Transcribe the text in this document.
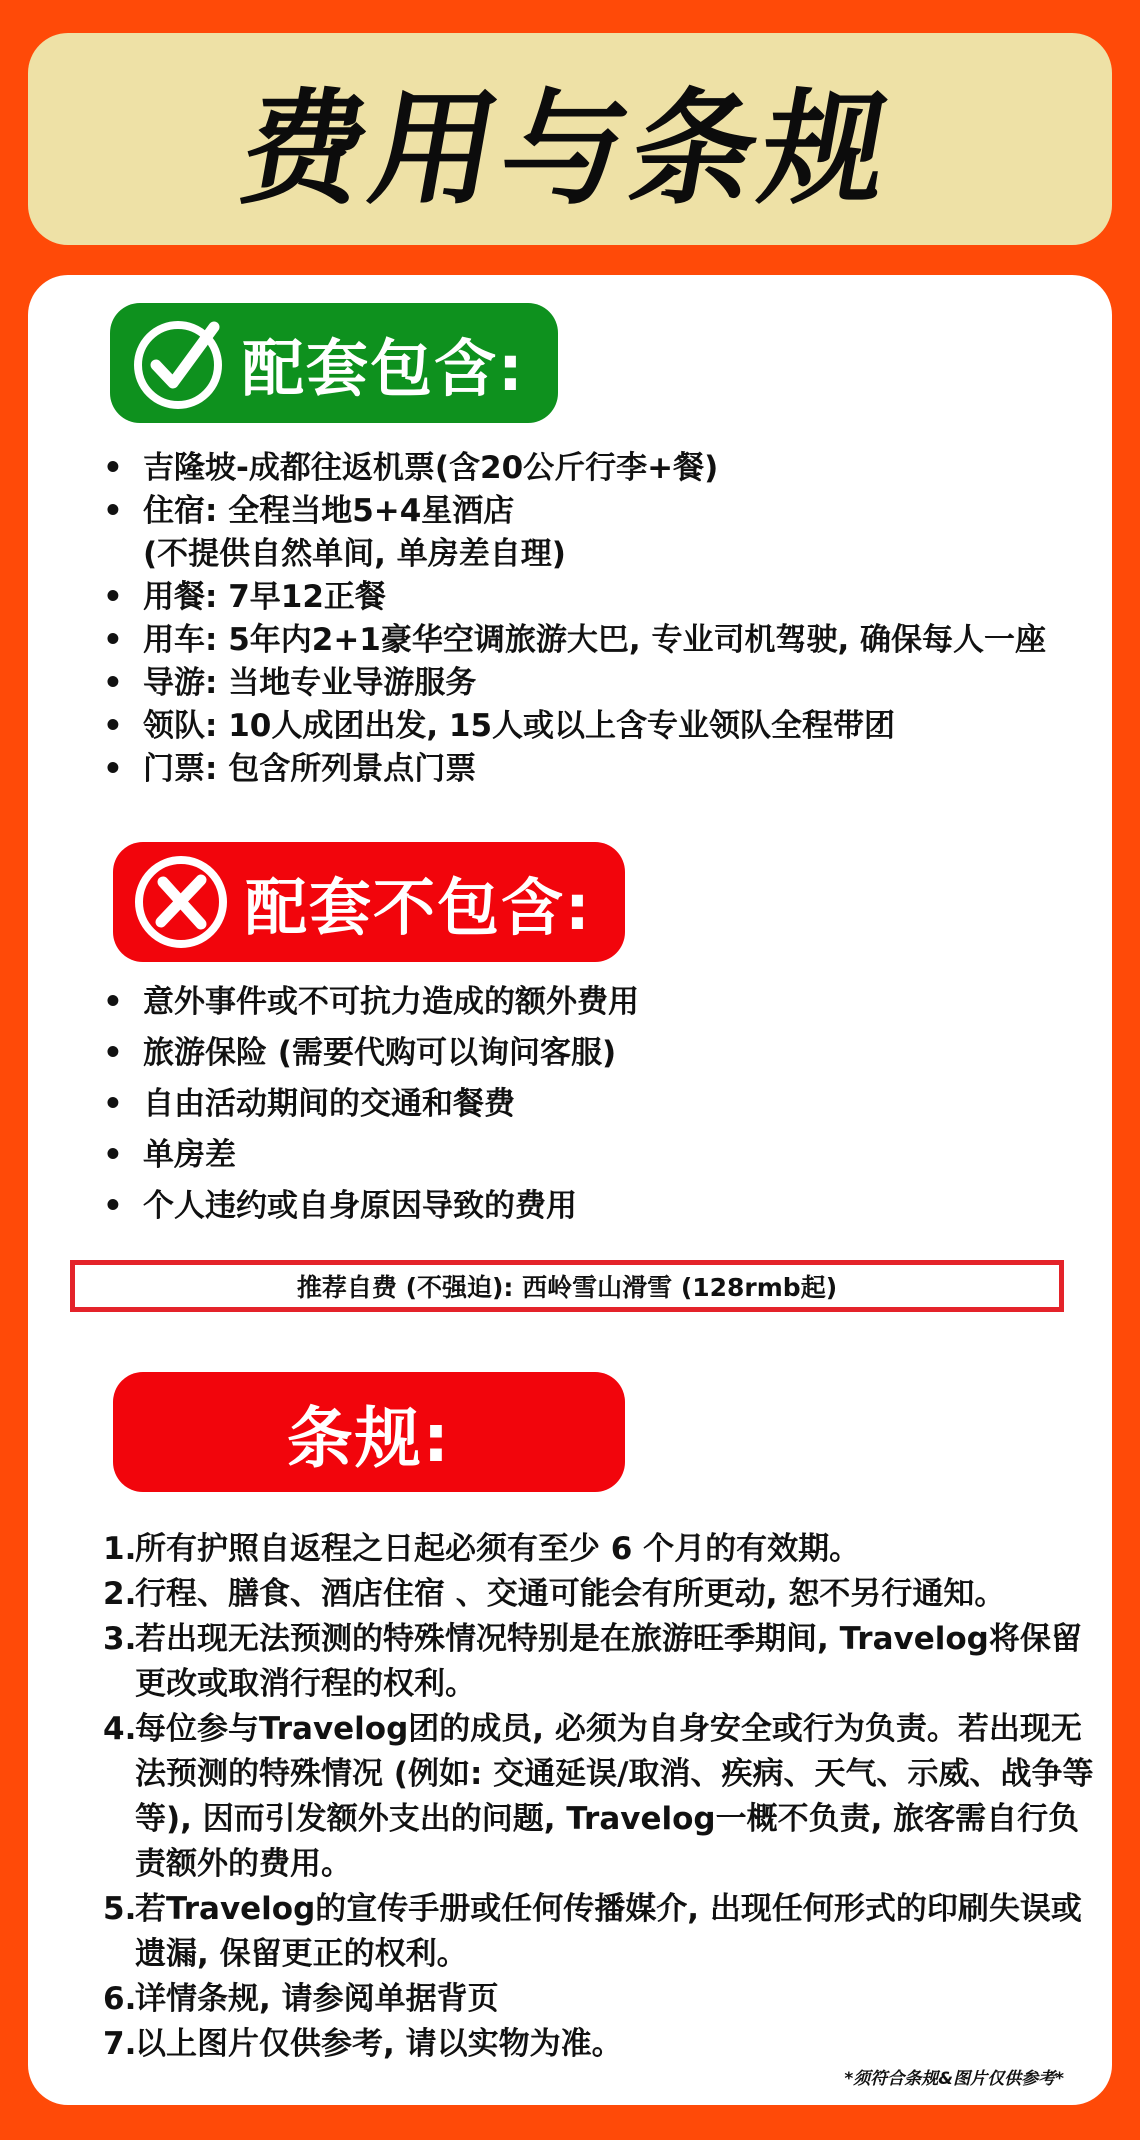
费用与条规
配套包含:
• 吉隆坡-成都往返机票(含20公斤行李+餐)
• 住宿: 全程当地5+4星酒店
(不提供自然单间, 单房差自理)
• 用餐: 7早12正餐
• 用车: 5年内2+1豪华空调旅游大巴, 专业司机驾驶, 确保每人一座
• 导游: 当地专业导游服务
• 领队: 10人成团出发, 15人或以上含专业领队全程带团
• 门票: 包含所列景点门票
配套不包含:
• 意外事件或不可抗力造成的额外费用
• 旅游保险 (需要代购可以询问客服)
• 自由活动期间的交通和餐费
• 单房差
• 个人违约或自身原因导致的费用
推荐自费 (不强迫): 西岭雪山滑雪 (128rmb起)
条规:
1.
所有护照自返程之日起必须有至少 6 个月的有效期。
2.
行程、膳食、酒店住宿 、交通可能会有所更动, 恕不另行通知。
3.
若出现无法预测的特殊情况特别是在旅游旺季期间, Travelog将保留更改或取消行程的权利。
4.
每位参与Travelog团的成员, 必须为自身安全或行为负责。若出现无法预测的特殊情况 (例如: 交通延误/取消、疾病、天气、示威、战争等等), 因而引发额外支出的问题, Travelog一概不负责, 旅客需自行负责额外的费用。
5.
若Travelog的宣传手册或任何传播媒介, 出现任何形式的印刷失误或遗漏, 保留更正的权利。
6.
详情条规, 请参阅单据背页
7.
以上图片仅供参考, 请以实物为准。
*须符合条规&图片仅供参考*
